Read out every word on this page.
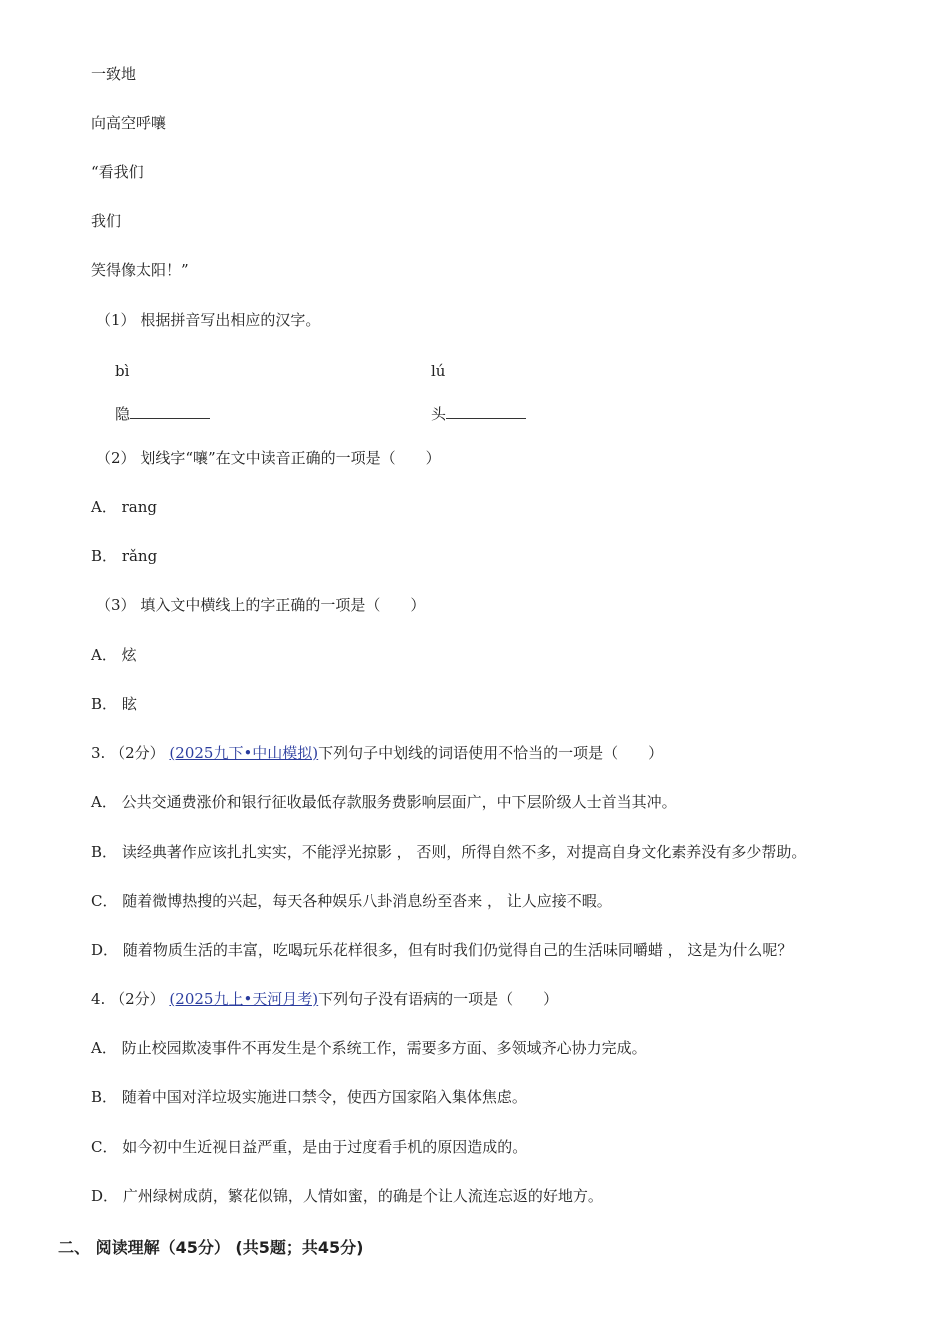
一致地
向高空呼嚷
“看我们
我们
笑得像太阳！”
（1） 根据拼音写出相应的汉字。
bì	lú
隐	头
（2） 划线字“嚷”在文中读音正确的一项是（　　）
A． rang
B． rǎng
（3） 填入文中横线上的字正确的一项是（　　）
A． 炫
B． 眩
3. （2分） (2025九下•中山模拟)下列句子中划线的词语使用不恰当的一项是（　　）
A． 公共交通费涨价和银行征收最低存款服务费影响层面广，中下层阶级人士首当其冲。
B． 读经典著作应该扎扎实实，不能浮光掠影 ， 否则，所得自然不多，对提高自身文化素养没有多少帮助。
C． 随着微博热搜的兴起，每天各种娱乐八卦消息纷至沓来 ， 让人应接不暇。
D． 随着物质生活的丰富，吃喝玩乐花样很多，但有时我们仍觉得自己的生活味同嚼蜡 ， 这是为什么呢？
4. （2分） (2025九上•天河月考)下列句子没有语病的一项是（　　）
A． 防止校园欺凌事件不再发生是个系统工作，需要多方面、多领域齐心协力完成。
B． 随着中国对洋垃圾实施进口禁令，使西方国家陷入集体焦虑。
C． 如今初中生近视日益严重，是由于过度看手机的原因造成的。
D． 广州绿树成荫，繁花似锦，人情如蜜，的确是个让人流连忘返的好地方。
二、 阅读理解（45分） (共5题；共45分)
